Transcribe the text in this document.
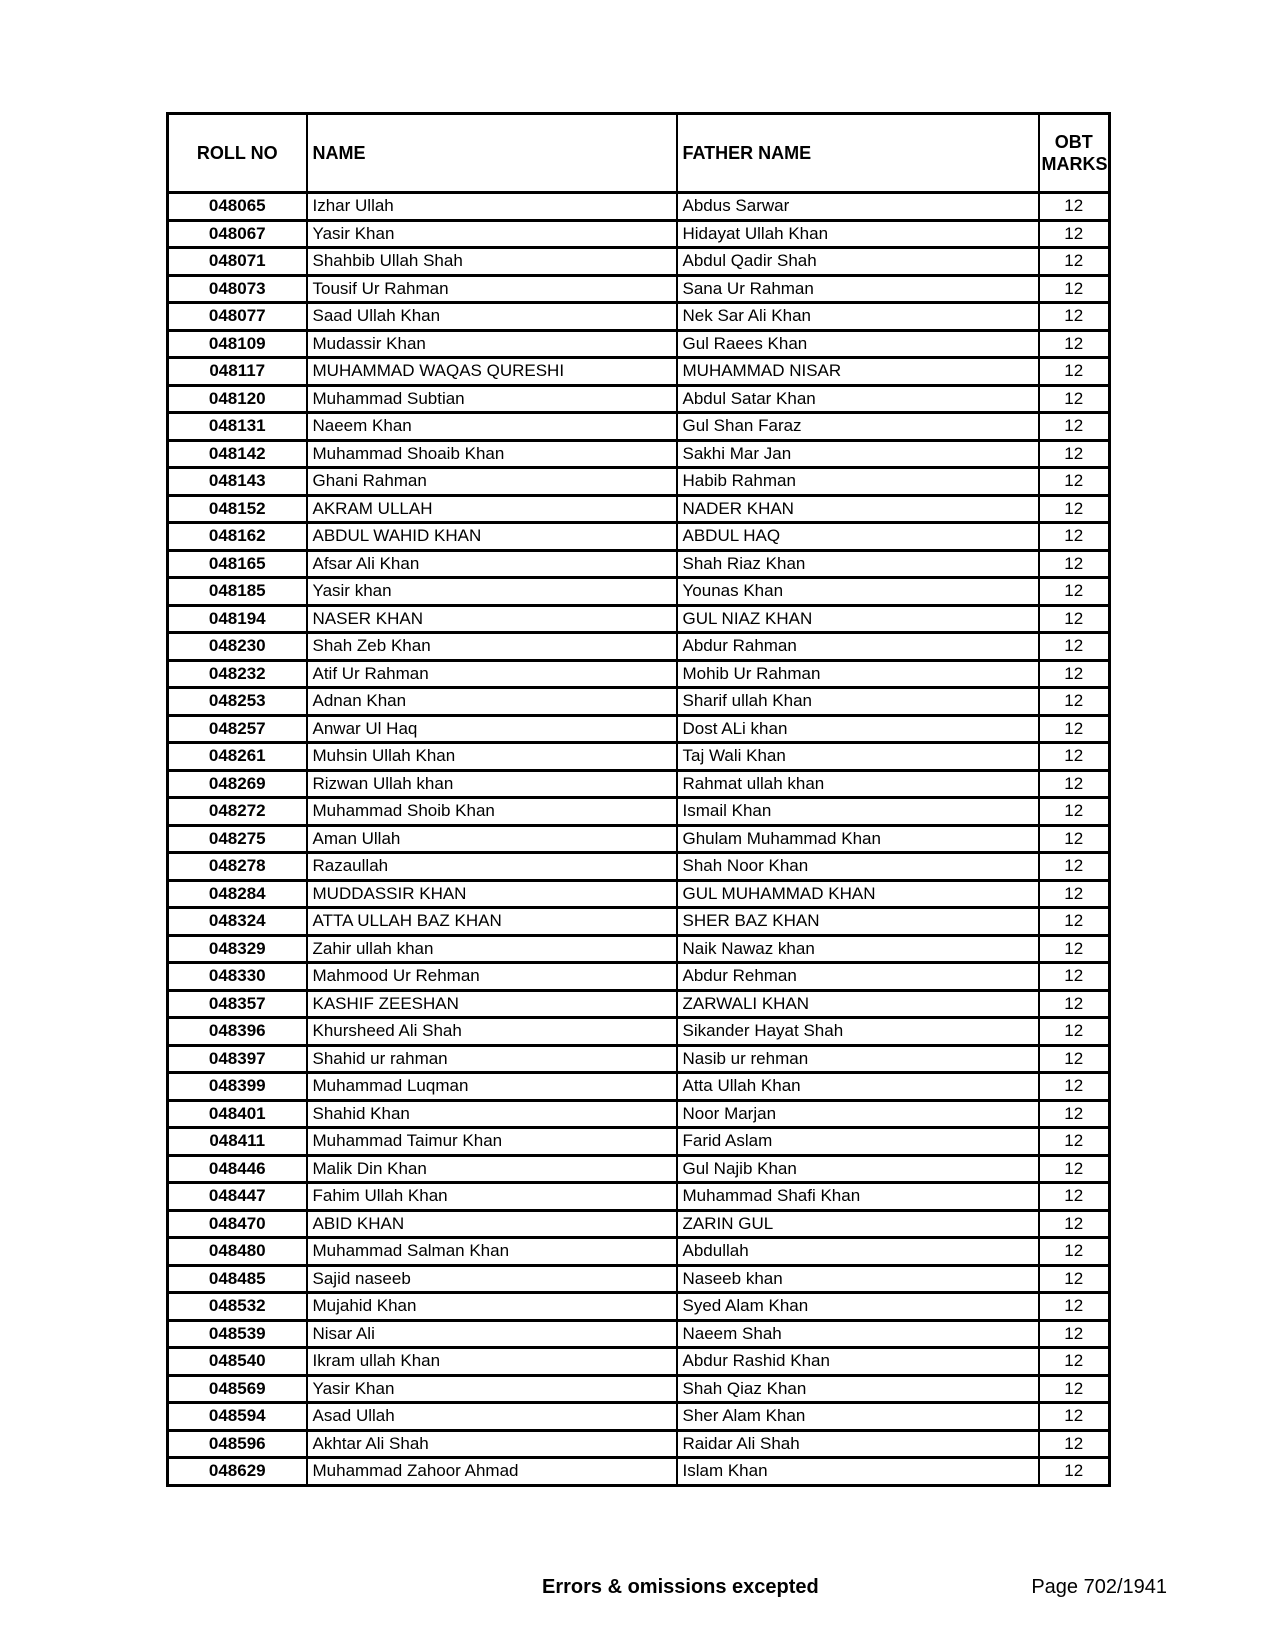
ROLL NO	NAME	FATHER NAME	OBT MARKS
048065	Izhar Ullah	Abdus Sarwar	12
048067	Yasir Khan	Hidayat Ullah Khan	12
048071	Shahbib Ullah Shah	Abdul Qadir Shah	12
048073	Tousif Ur Rahman	Sana Ur Rahman	12
048077	Saad Ullah Khan	Nek Sar Ali Khan	12
048109	Mudassir Khan	Gul Raees Khan	12
048117	MUHAMMAD WAQAS QURESHI	MUHAMMAD NISAR	12
048120	Muhammad Subtian	Abdul Satar Khan	12
048131	Naeem Khan	Gul Shan Faraz	12
048142	Muhammad Shoaib Khan	Sakhi Mar Jan	12
048143	Ghani Rahman	Habib Rahman	12
048152	AKRAM ULLAH	NADER KHAN	12
048162	ABDUL WAHID KHAN	ABDUL HAQ	12
048165	Afsar Ali Khan	Shah Riaz Khan	12
048185	Yasir khan	Younas Khan	12
048194	NASER KHAN	GUL NIAZ KHAN	12
048230	Shah Zeb Khan	Abdur Rahman	12
048232	Atif Ur Rahman	Mohib Ur Rahman	12
048253	Adnan Khan	Sharif ullah Khan	12
048257	Anwar Ul Haq	Dost ALi khan	12
048261	Muhsin Ullah Khan	Taj Wali Khan	12
048269	Rizwan Ullah khan	Rahmat ullah khan	12
048272	Muhammad Shoib Khan	Ismail Khan	12
048275	Aman Ullah	Ghulam Muhammad Khan	12
048278	Razaullah	Shah Noor Khan	12
048284	MUDDASSIR KHAN	GUL MUHAMMAD KHAN	12
048324	ATTA ULLAH BAZ KHAN	SHER BAZ KHAN	12
048329	Zahir ullah khan	Naik Nawaz khan	12
048330	Mahmood Ur Rehman	Abdur Rehman	12
048357	KASHIF ZEESHAN	ZARWALI KHAN	12
048396	Khursheed Ali Shah	Sikander Hayat Shah	12
048397	Shahid ur rahman	Nasib ur rehman	12
048399	Muhammad Luqman	Atta Ullah Khan	12
048401	Shahid Khan	Noor Marjan	12
048411	Muhammad Taimur Khan	Farid Aslam	12
048446	Malik Din Khan	Gul Najib Khan	12
048447	Fahim Ullah Khan	Muhammad Shafi Khan	12
048470	ABID KHAN	ZARIN GUL	12
048480	Muhammad Salman Khan	Abdullah	12
048485	Sajid naseeb	Naseeb khan	12
048532	Mujahid Khan	Syed Alam Khan	12
048539	Nisar Ali	Naeem Shah	12
048540	Ikram ullah Khan	Abdur Rashid Khan	12
048569	Yasir Khan	Shah Qiaz Khan	12
048594	Asad Ullah	Sher Alam Khan	12
048596	Akhtar Ali Shah	Raidar Ali Shah	12
048629	Muhammad Zahoor Ahmad	Islam Khan	12
Errors & omissions excepted	Page 702/1941
